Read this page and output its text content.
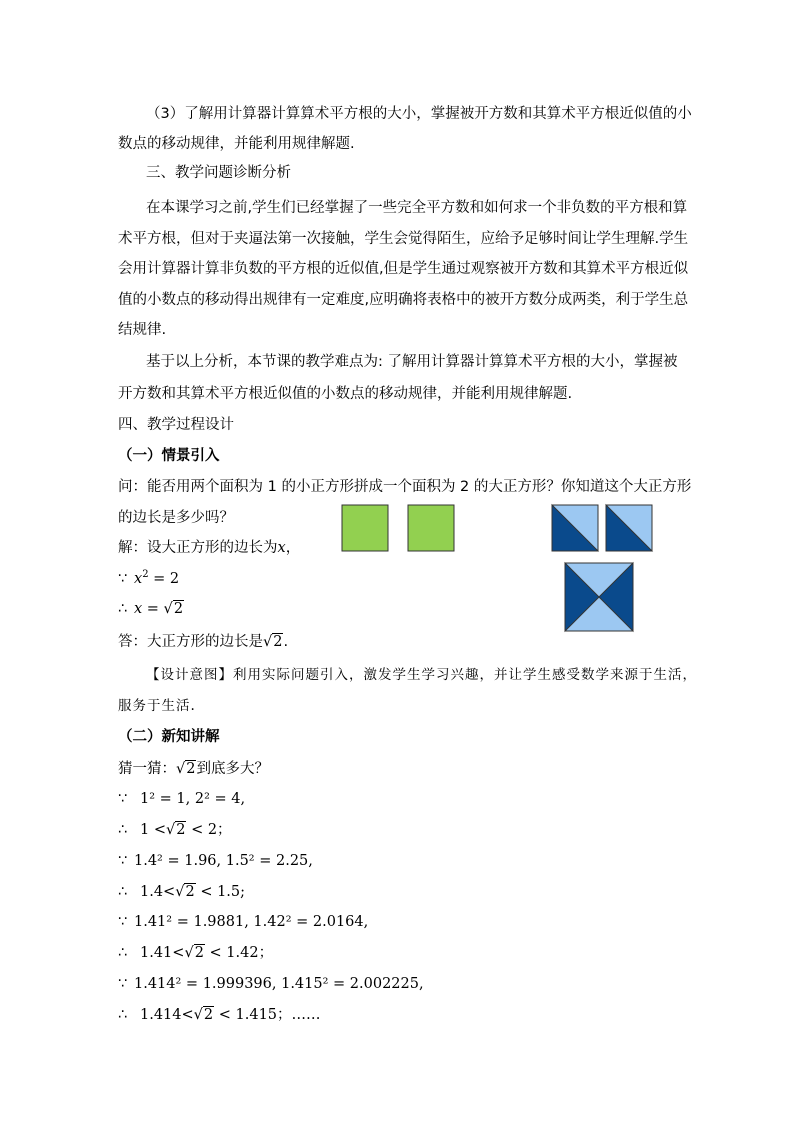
（3）了解用计算器计算算术平方根的大小，掌握被开方数和其算术平方根近似值的小
数点的移动规律，并能利用规律解题.
三、教学问题诊断分析
在本课学习之前,学生们已经掌握了一些完全平方数和如何求一个非负数的平方根和算
术平方根，但对于夹逼法第一次接触，学生会觉得陌生，应给予足够时间让学生理解.学生
会用计算器计算非负数的平方根的近似值,但是学生通过观察被开方数和其算术平方根近似
值的小数点的移动得出规律有一定难度,应明确将表格中的被开方数分成两类，利于学生总
结规律.
基于以上分析，本节课的教学难点为: 了解用计算器计算算术平方根的大小，掌握被
开方数和其算术平方根近似值的小数点的移动规律，并能利用规律解题.
四、教学过程设计
（一）情景引入
问：能否用两个面积为 1 的小正方形拼成一个面积为 2 的大正方形？你知道这个大正方形
的边长是多少吗？
解：设大正方形的边长为x，
∵ $x^2 = 2$
∴ x = √2
答：大正方形的边长是√2.
【设计意图】利用实际问题引入，激发学生学习兴趣，并让学生感受数学来源于生活，
服务于生活.
（二）新知讲解
猜一猜：√2到底多大？
∵ 1² = 1, 2² = 4,
∴ 1 <√2 < 2；
∵ 1.4² = 1.96, 1.5² = 2.25,
∴ 1.4<√2 < 1.5;
∵ 1.41² = 1.9881, 1.42² = 2.0164,
∴ 1.41<√2 < 1.42；
∵ 1.414² = 1.999396, 1.415² = 2.002225,
∴ 1.414<√2 < 1.415；……
